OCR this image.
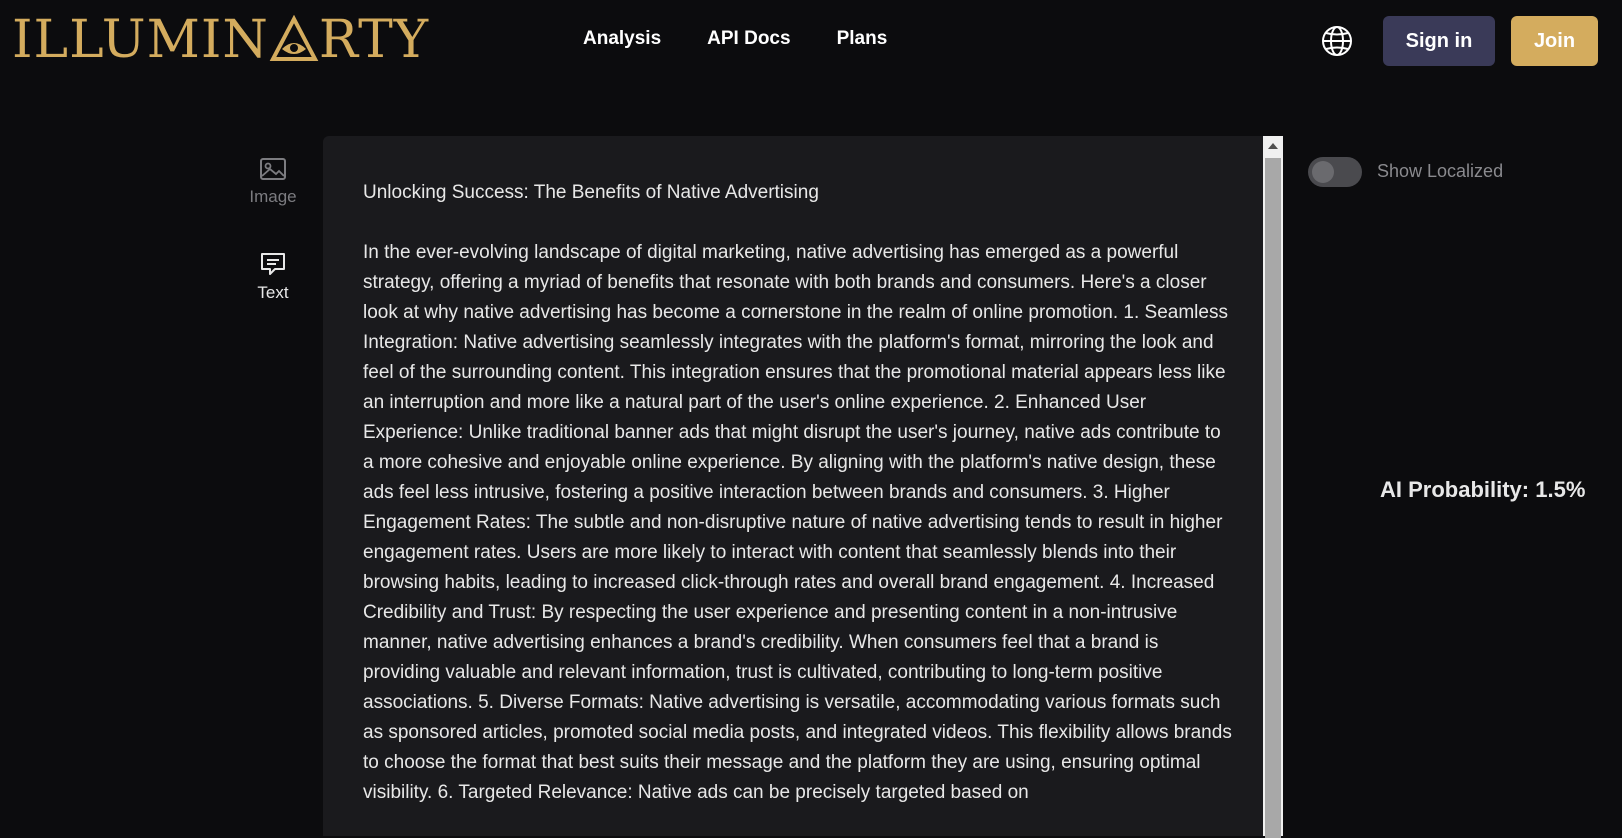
ILLUMIN RTY	Analysis API Docs Plans	Sign in	Join
Image
Text

Unlocking Success: The Benefits of Native Advertising

In the ever-evolving landscape of digital marketing, native advertising has emerged as a powerful strategy, offering a myriad of benefits that resonate with both brands and consumers. Here's a closer look at why native advertising has become a cornerstone in the realm of online promotion. 1. Seamless Integration: Native advertising seamlessly integrates with the platform's format, mirroring the look and feel of the surrounding content. This integration ensures that the promotional material appears less like an interruption and more like a natural part of the user's online experience. 2. Enhanced User Experience: Unlike traditional banner ads that might disrupt the user's journey, native ads contribute to a more cohesive and enjoyable online experience. By aligning with the platform's native design, these ads feel less intrusive, fostering a positive interaction between brands and consumers. 3. Higher Engagement Rates: The subtle and non-disruptive nature of native advertising tends to result in higher engagement rates. Users are more likely to interact with content that seamlessly blends into their browsing habits, leading to increased click-through rates and overall brand engagement. 4. Increased Credibility and Trust: By respecting the user experience and presenting content in a non-intrusive manner, native advertising enhances a brand's credibility. When consumers feel that a brand is providing valuable and relevant information, trust is cultivated, contributing to long-term positive associations. 5. Diverse Formats: Native advertising is versatile, accommodating various formats such as sponsored articles, promoted social media posts, and integrated videos. This flexibility allows brands to choose the format that best suits their message and the platform they are using, ensuring optimal visibility. 6. Targeted Relevance: Native ads can be precisely targeted based on

Show Localized
AI Probability: 1.5%
